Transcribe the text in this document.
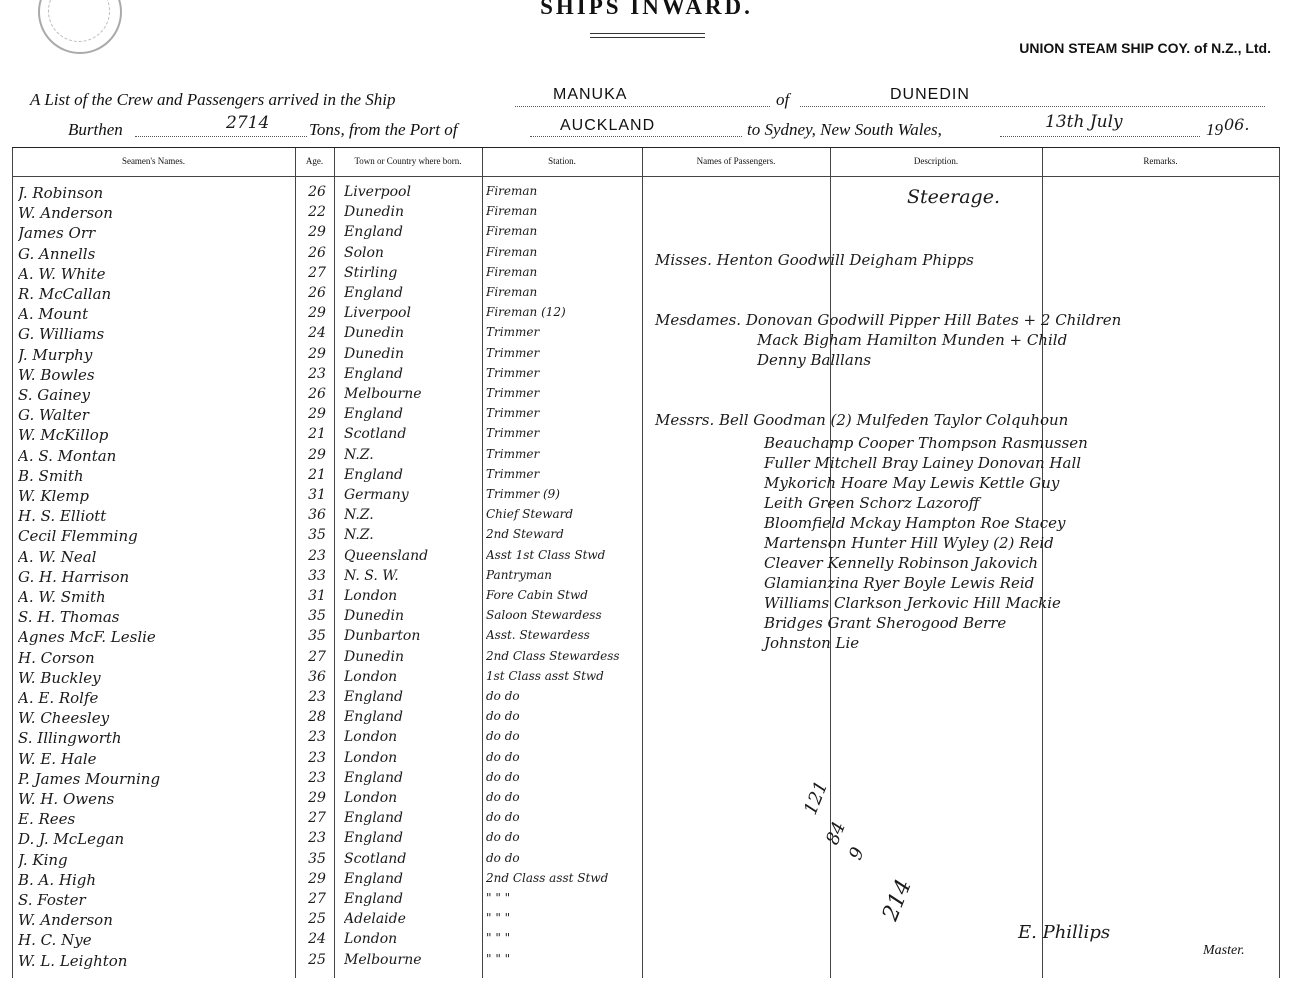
SHIPS INWARD.
UNION STEAM SHIP COY. of N.Z., Ltd.
A List of the Crew and Passengers arrived in the Ship	MANUKA	of	DUNEDIN
Burthen	2714 Tons, from the Port of	AUCKLAND	to Sydney, New South Wales,	13th July	19 06.
Seamen's Names.	Age.	Town or Country where born.	Station.	Names of Passengers.	Description.	Remarks.
J. Robinson	26	Liverpool	Fireman
W. Anderson	22	Dunedin	Fireman
James Orr	29	England	Fireman
G. Annells	26	Solon	Fireman
A. W. White	27	Stirling	Fireman
R. McCallan	26	England	Fireman
A. Mount	29	Liverpool	Fireman (12)
G. Williams	24	Dunedin	Trimmer
J. Murphy	29	Dunedin	Trimmer
W. Bowles	23	England	Trimmer
S. Gainey	26	Melbourne	Trimmer
G. Walter	29	England	Trimmer
W. McKillop	21	Scotland	Trimmer
A. S. Montan	29	N.Z.	Trimmer
B. Smith	21	England	Trimmer
W. Klemp	31	Germany	Trimmer (9)
H. S. Elliott	36	N.Z.	Chief Steward
Cecil Flemming	35	N.Z.	2nd Steward
A. W. Neal	23	Queensland	Asst 1st Class Stwd
G. H. Harrison	33	N. S. W.	Pantryman
A. W. Smith	31	London	Fore Cabin Stwd
S. H. Thomas	35	Dunedin	Saloon Stewardess
Agnes McF. Leslie	35	Dunbarton	Asst. Stewardess
H. Corson	27	Dunedin	2nd Class Stewardess
W. Buckley	36	London	1st Class asst Stwd
A. E. Rolfe	23	England	do do
W. Cheesley	28	England	do do
S. Illingworth	23	London	do do
W. E. Hale	23	London	do do
P. James Mourning	23	England	do do
W. H. Owens	29	London	do do
E. Rees	27	England	do do
D. J. McLegan	23	England	do do
J. King	35	Scotland	do do
B. A. High	29	England	2nd Class asst Stwd
S. Foster	27	England	" " "
W. Anderson	25	Adelaide	" " "
H. C. Nye	24	London	" " "
W. L. Leighton	25	Melbourne	" " "
Misses. Henton Goodwill Deigham Phipps
Mesdames. Donovan Goodwill Pipper Hill Bates + 2 Children
Mack Bigham Hamilton Munden + Child
Denny Balllans
Messrs. Bell Goodman (2) Mulfeden Taylor Colquhoun
Beauchamp Cooper Thompson Rasmussen
Fuller Mitchell Bray Lainey Donovan Hall
Mykorich Hoare May Lewis Kettle Guy
Leith Green Schorz Lazoroff
Bloomfield Mckay Hampton Roe Stacey
Martenson Hunter Hill Wyley (2) Reid
Cleaver Kennelly Robinson Jakovich
Glamianzina Ryer Boyle Lewis Reid
Williams Clarkson Jerkovic Hill Mackie
Bridges Grant Sherogood Berre
Johnston Lie
Steerage.
121
84
9
214
E. Phillips
Master.
